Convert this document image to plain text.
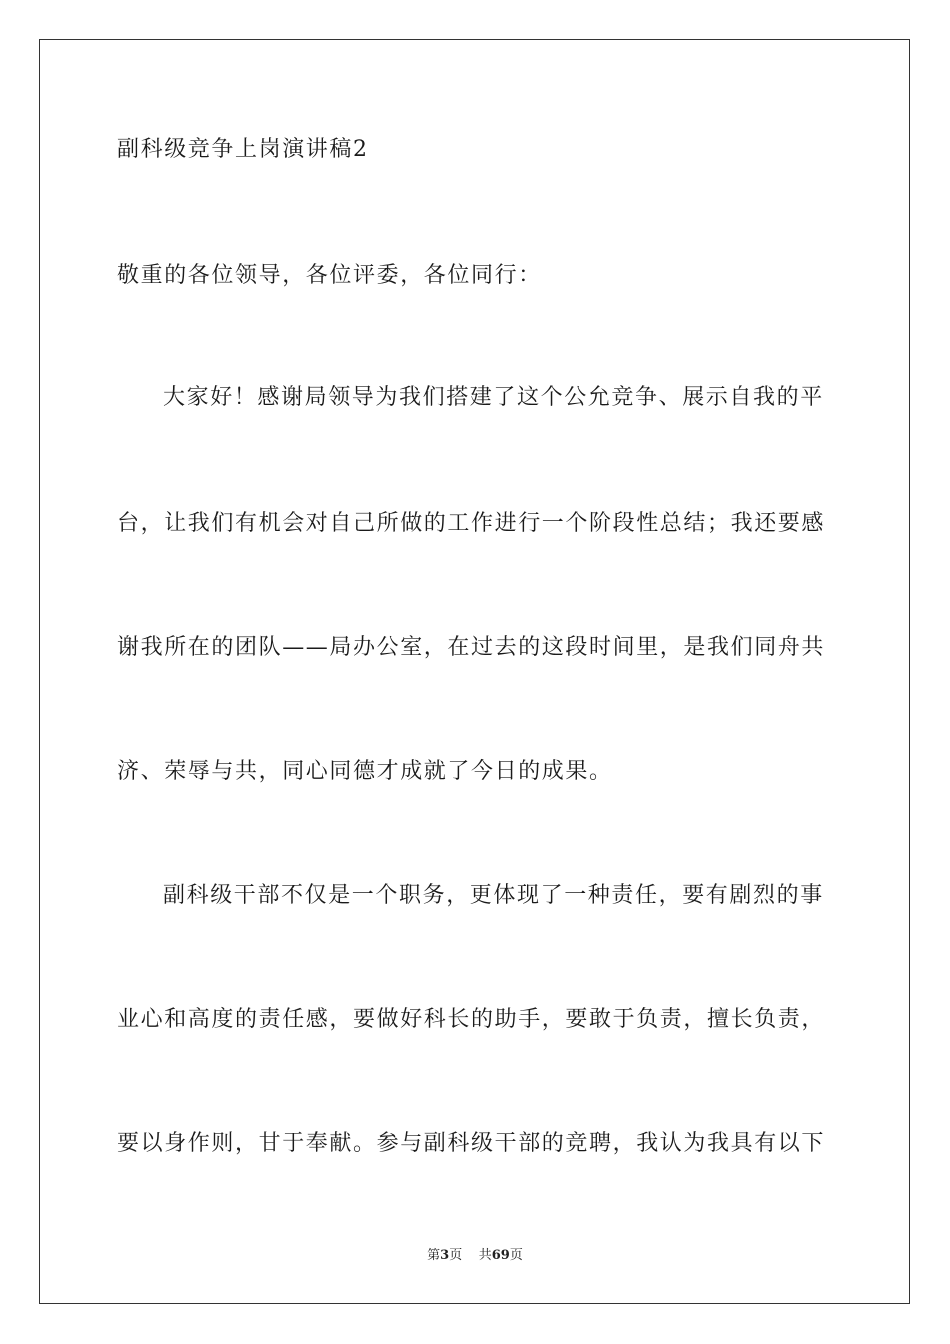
副科级竞争上岗演讲稿2
敬重的各位领导，各位评委，各位同行：
大家好！感谢局领导为我们搭建了这个公允竞争、展示自我的平
台，让我们有机会对自己所做的工作进行一个阶段性总结；我还要感
谢我所在的团队——局办公室，在过去的这段时间里，是我们同舟共
济、荣辱与共，同心同德才成就了今日的成果。
副科级干部不仅是一个职务，更体现了一种责任，要有剧烈的事
业心和高度的责任感，要做好科长的助手，要敢于负责，擅长负责，
要以身作则，甘于奉献。参与副科级干部的竞聘，我认为我具有以下
第3页 共69页
